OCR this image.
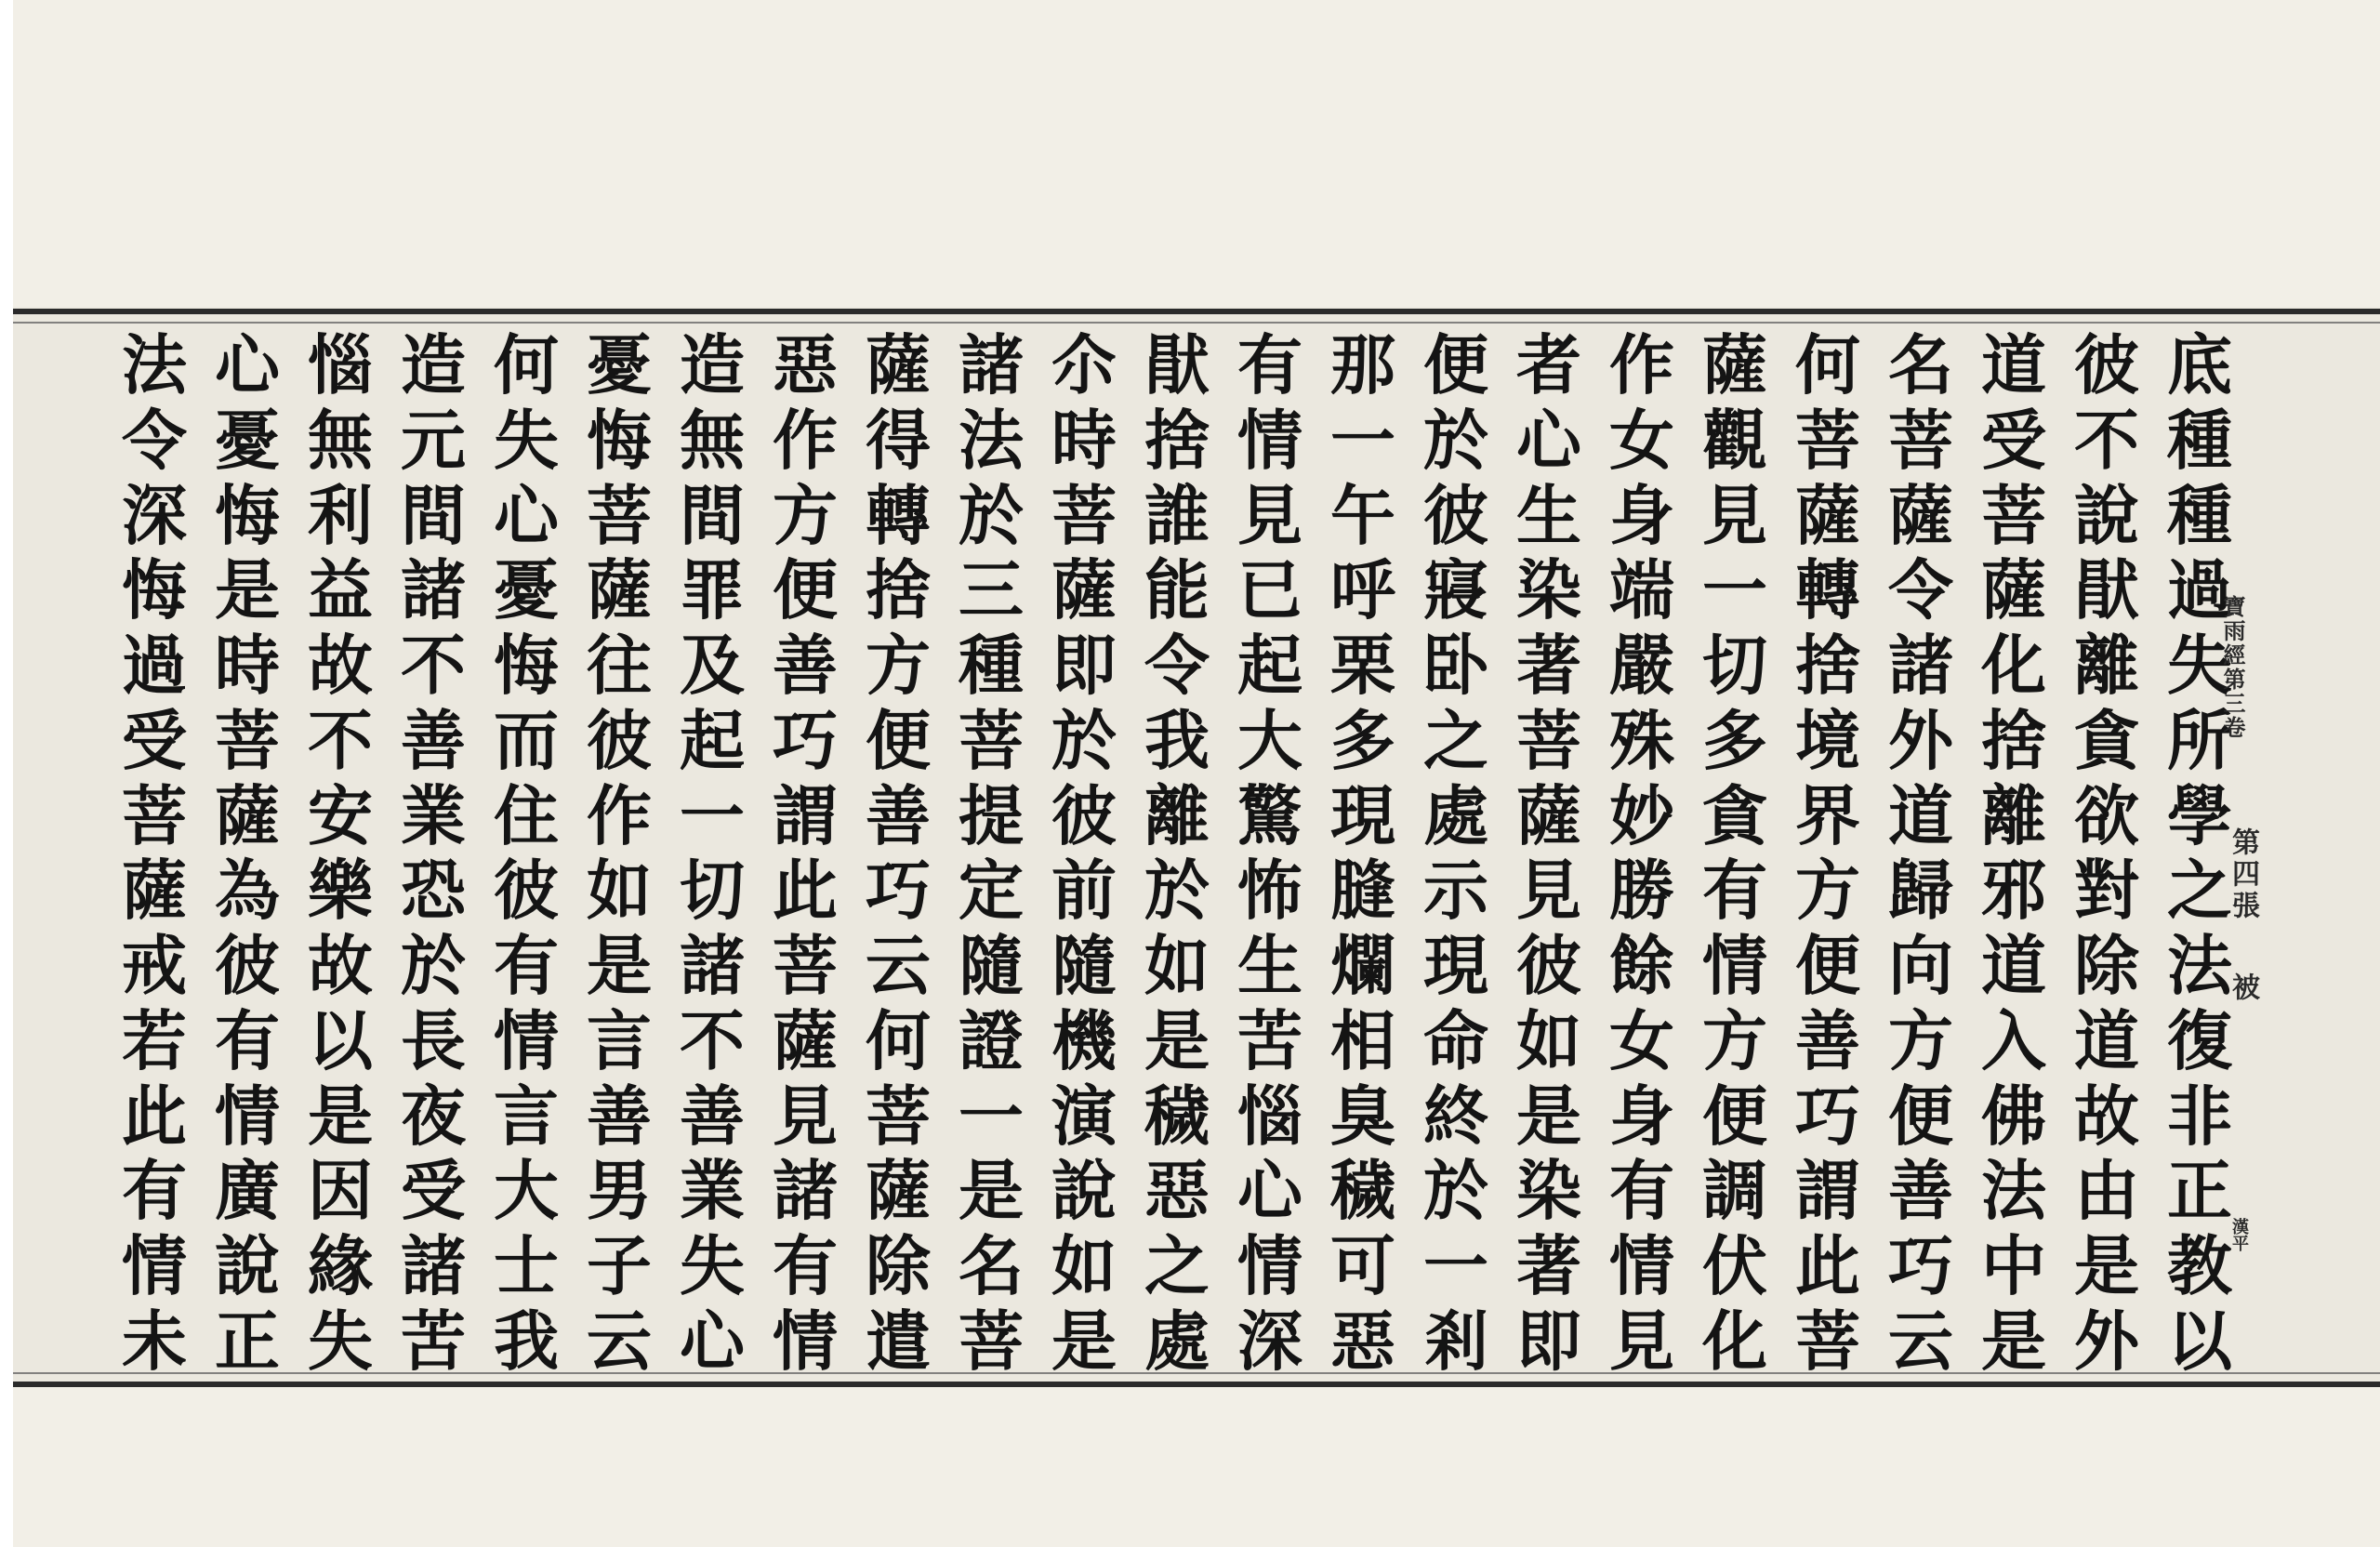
底
種
種
過
失
所
學
之
法
復
非
正
教
以
彼
不
說
猒
離
貪
欲
對
除
道
故
由
是
外
道
受
菩
薩
化
捨
離
邪
道
入
佛
法
中
是
名
菩
薩
令
諸
外
道
歸
向
方
便
善
巧
云
何
菩
薩
轉
捨
境
界
方
便
善
巧
謂
此
菩
薩
觀
見
一
切
多
貪
有
情
方
便
調
伏
化
作
女
身
端
嚴
殊
妙
勝
餘
女
身
有
情
見
者
心
生
染
著
菩
薩
見
彼
如
是
染
著
即
便
於
彼
寢
卧
之
處
示
現
命
終
於
一
剎
那
一
午
呼
栗
多
現
膖
爛
相
臭
穢
可
惡
有
情
見
已
起
大
驚
怖
生
苦
惱
心
情
深
猒
捨
誰
能
令
我
離
於
如
是
穢
惡
之
處
尒
時
菩
薩
即
於
彼
前
隨
機
演
說
如
是
諸
法
於
三
種
菩
提
定
隨
證
一
是
名
菩
薩
得
轉
捨
方
便
善
巧
云
何
菩
薩
除
遣
惡
作
方
便
善
巧
謂
此
菩
薩
見
諸
有
情
造
無
間
罪
及
起
一
切
諸
不
善
業
失
心
憂
悔
菩
薩
往
彼
作
如
是
言
善
男
子
云
何
失
心
憂
悔
而
住
彼
有
情
言
大
士
我
造
元
間
諸
不
善
業
恐
於
長
夜
受
諸
苦
惱
無
利
益
故
不
安
樂
故
以
是
因
緣
失
心
憂
悔
是
時
菩
薩
為
彼
有
情
廣
說
正
法
令
深
悔
過
受
菩
薩
戒
若
此
有
情
未
寶雨經第三卷
第四張 被
漢平
